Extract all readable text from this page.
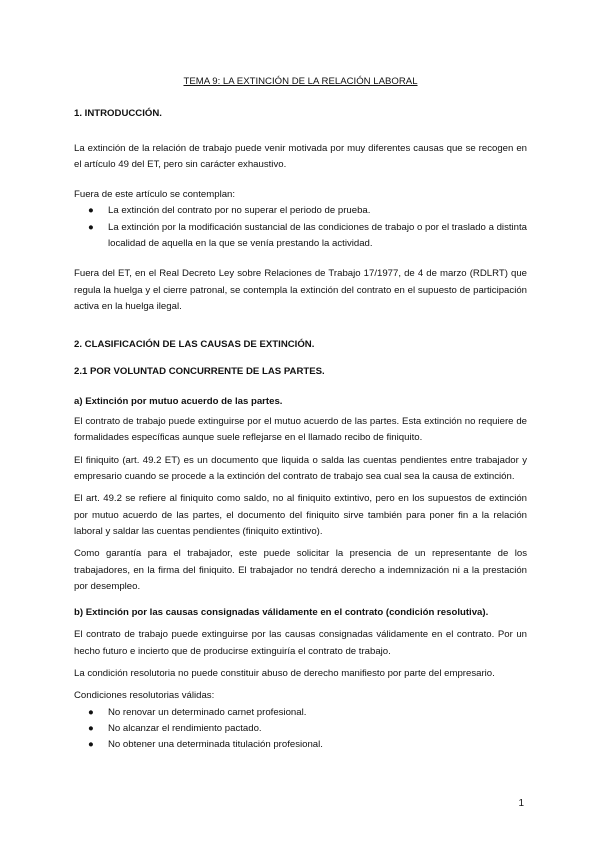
TEMA 9: LA EXTINCIÓN DE LA RELACIÓN LABORAL
1. INTRODUCCIÓN.

La extinción de la relación de trabajo puede venir motivada por muy diferentes causas que se recogen en el artículo 49 del ET, pero sin carácter exhaustivo.

Fuera de este artículo se contemplan:

● La extinción del contrato por no superar el periodo de prueba.
● La extinción por la modificación sustancial de las condiciones de trabajo o por el traslado a distinta localidad de aquella en la que se venía prestando la actividad.

Fuera del ET, en el Real Decreto Ley sobre Relaciones de Trabajo 17/1977, de 4 de marzo (RDLRT) que regula la huelga y el cierre patronal, se contempla la extinción del contrato en el supuesto de participación activa en la huelga ilegal.

2. CLASIFICACIÓN DE LAS CAUSAS DE EXTINCIÓN.
2.1 POR VOLUNTAD CONCURRENTE DE LAS PARTES.
a) Extinción por mutuo acuerdo de las partes.

El contrato de trabajo puede extinguirse por el mutuo acuerdo de las partes. Esta extinción no requiere de formalidades específicas aunque suele reflejarse en el llamado recibo de finiquito.

El finiquito (art. 49.2 ET) es un documento que liquida o salda las cuentas pendientes entre trabajador y empresario cuando se procede a la extinción del contrato de trabajo sea cual sea la causa de extinción.

El art. 49.2 se refiere al finiquito como saldo, no al finiquito extintivo, pero en los supuestos de extinción por mutuo acuerdo de las partes, el documento del finiquito sirve también para poner fin a la relación laboral y saldar las cuentas pendientes (finiquito extintivo).

Como garantía para el trabajador, este puede solicitar la presencia de un representante de los trabajadores, en la firma del finiquito. El trabajador no tendrá derecho a indemnización ni a la prestación por desempleo.

b) Extinción por las causas consignadas válidamente en el contrato (condición resolutiva).

El contrato de trabajo puede extinguirse por las causas consignadas válidamente en el contrato. Por un hecho futuro e incierto que de producirse extinguiría el contrato de trabajo.

La condición resolutoria no puede constituir abuso de derecho manifiesto por parte del empresario.

Condiciones resolutorias válidas:

● No renovar un determinado carnet profesional.
● No alcanzar el rendimiento pactado.
● No obtener una determinada titulación profesional.
1
